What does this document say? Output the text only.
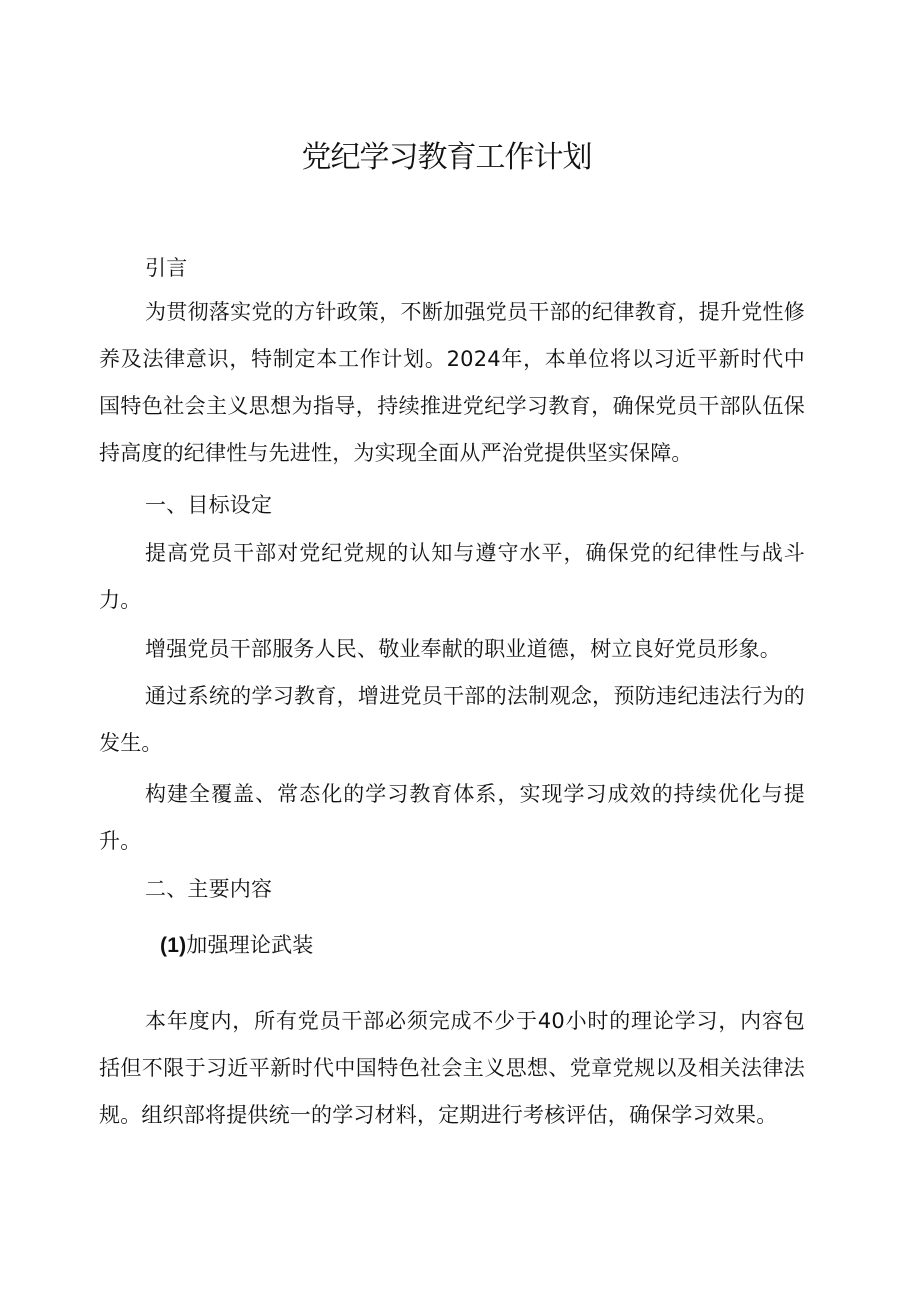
党纪学习教育工作计划

引言

为贯彻落实党的方针政策，不断加强党员干部的纪律教育，提升党性修养及法律意识，特制定本工作计划。2024年，本单位将以习近平新时代中国特色社会主义思想为指导，持续推进党纪学习教育，确保党员干部队伍保持高度的纪律性与先进性，为实现全面从严治党提供坚实保障。

一、目标设定

提高党员干部对党纪党规的认知与遵守水平，确保党的纪律性与战斗力。

增强党员干部服务人民、敬业奉献的职业道德，树立良好党员形象。

通过系统的学习教育，增进党员干部的法制观念，预防违纪违法行为的发生。

构建全覆盖、常态化的学习教育体系，实现学习成效的持续优化与提升。

二、主要内容

(1)加强理论武装

本年度内，所有党员干部必须完成不少于40小时的理论学习，内容包括但不限于习近平新时代中国特色社会主义思想、党章党规以及相关法律法规。组织部将提供统一的学习材料，定期进行考核评估，确保学习效果。
